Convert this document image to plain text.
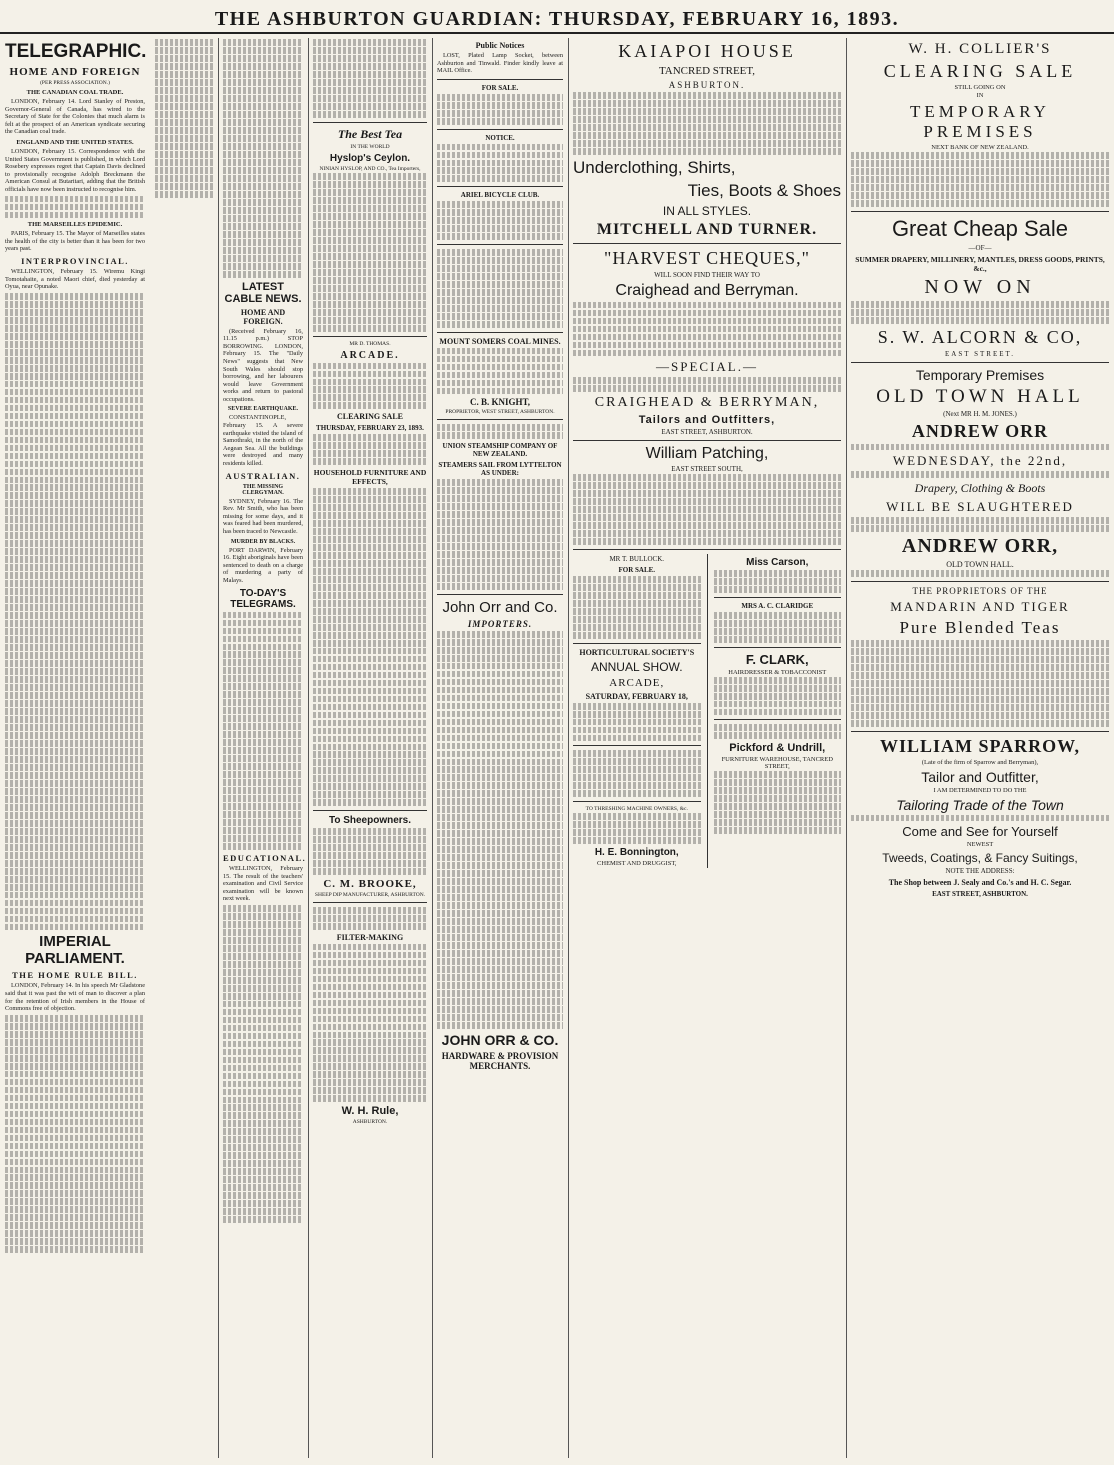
THE ASHBURTON GUARDIAN: THURSDAY, FEBRUARY 16, 1893.
TELEGRAPHIC.
HOME AND FOREIGN
(PER PRESS ASSOCIATION.)
THE CANADIAN COAL TRADE.
LONDON, February 14. Lord Stanley of Preston, Governor-General of Canada, has wired to the Secretary of State for the Colonies that much alarm is felt at the prospect of an American syndicate securing the Canadian coal trade.
ENGLAND AND THE UNITED STATES.
LONDON, February 15. Correspondence with the United States Government is published, in which Lord Rosebery expresses regret that Captain Davis declined to provisionally recognise Adolph Breckmann the American Consul at Butaritari, adding that the British officials have now been instructed to recognise him.
THE MARSEILLES EPIDEMIC.
PARIS, February 15. The Mayor of Marseilles states the health of the city is better than it has been for two years past.
INTERPROVINCIAL.
WELLINGTON, February 15. Wiremu Kingi Tomotahaite, a noted Maori chief, died yesterday at Oyua, near Opunake.
IMPERIAL PARLIAMENT.
THE HOME RULE BILL.
LONDON, February 14. In his speech Mr Gladstone said that it was past the wit of man to discover a plan for the retention of Irish members in the House of Commons free of objection.
LATEST CABLE NEWS.
HOME AND FOREIGN.
(Received February 16, 11.15 p.m.) STOP BORROWING. LONDON, February 15. The "Daily News" suggests that New South Wales should stop borrowing, and her labourers would leave Government works and return to pastoral occupations.
SEVERE EARTHQUAKE.
CONSTANTINOPLE, February 15. A severe earthquake visited the island of Samothraki, in the north of the Aegean Sea. All the buildings were destroyed and many residents killed.
AUSTRALIAN.
THE MISSING CLERGYMAN.
SYDNEY, February 16. The Rev. Mr Smith, who has been missing for some days, and it was feared had been murdered, has been traced to Newcastle.
MURDER BY BLACKS.
PORT DARWIN, February 16. Eight aboriginals have been sentenced to death on a charge of murdering a party of Malays.
TO-DAY'S TELEGRAMS.
EDUCATIONAL.
WELLINGTON, February 15. The result of the teachers' examination and Civil Service examination will be known next week.
The Best Tea
IN THE WORLD
Hyslop's Ceylon.
NINIAN HYSLOP, AND CO., Tea Importers,
MR D. THOMAS.
ARCADE.
CLEARING SALE
THURSDAY, FEBRUARY 23, 1893.
HOUSEHOLD FURNITURE AND EFFECTS,
To Sheepowners.
C. M. BROOKE,
SHEEP DIP MANUFACTURER, ASHBURTON.
FILTER-MAKING
W. H. Rule,
ASHBURTON.
Public Notices
LOST, Plated Lamp Socket, between Ashburton and Tinwald. Finder kindly leave at MAIL Office.
FOR SALE.
NOTICE.
ARIEL BICYCLE CLUB.
MOUNT SOMERS COAL MINES.
C. B. KNIGHT,
PROPRIETOR, WEST STREET, ASHBURTON.
UNION STEAMSHIP COMPANY OF NEW ZEALAND.
STEAMERS SAIL FROM LYTTELTON AS UNDER:
John Orr and Co.
IMPORTERS.
JOHN ORR & CO.
HARDWARE & PROVISION MERCHANTS.
KAIAPOI HOUSE
TANCRED STREET,
ASHBURTON.
Underclothing, Shirts,
Ties, Boots & Shoes
IN ALL STYLES.
MITCHELL AND TURNER.
"HARVEST CHEQUES,"
WILL SOON FIND THEIR WAY TO
Craighead and Berryman.
—SPECIAL.—
CRAIGHEAD & BERRYMAN,
Tailors and Outfitters,
EAST STREET, ASHBURTON.
William Patching,
EAST STREET SOUTH,
MR T. BULLOCK.
FOR SALE.
HORTICULTURAL SOCIETY'S
ANNUAL SHOW.
ARCADE,
SATURDAY, FEBRUARY 18,
TO THRESHING MACHINE OWNERS, &c.
H. E. Bonnington,
CHEMIST AND DRUGGIST,
Miss Carson,
MRS A. C. CLARIDGE
F. CLARK,
HAIRDRESSER & TOBACCONIST
Pickford & Undrill,
FURNITURE WAREHOUSE, TANCRED STREET,
W. H. COLLIER'S
CLEARING SALE
STILL GOING ON
IN
TEMPORARY PREMISES
NEXT BANK OF NEW ZEALAND.
Great Cheap Sale
—OF—
SUMMER DRAPERY, MILLINERY, MANTLES, DRESS GOODS, PRINTS, &c.,
NOW ON
S. W. ALCORN & CO,
EAST STREET.
Temporary Premises
OLD TOWN HALL
(Next MR H. M. JONES.)
ANDREW ORR
WEDNESDAY, the 22nd,
Drapery, Clothing & Boots
WILL BE SLAUGHTERED
ANDREW ORR,
OLD TOWN HALL.
THE PROPRIETORS OF THE
MANDARIN AND TIGER
Pure Blended Teas
WILLIAM SPARROW,
(Late of the firm of Sparrow and Berryman),
Tailor and Outfitter,
I AM DETERMINED TO DO THE
Tailoring Trade of the Town
Come and See for Yourself
NEWEST
Tweeds, Coatings, & Fancy Suitings,
NOTE THE ADDRESS:
The Shop between J. Sealy and Co.'s and H. C. Segar.
EAST STREET, ASHBURTON.
